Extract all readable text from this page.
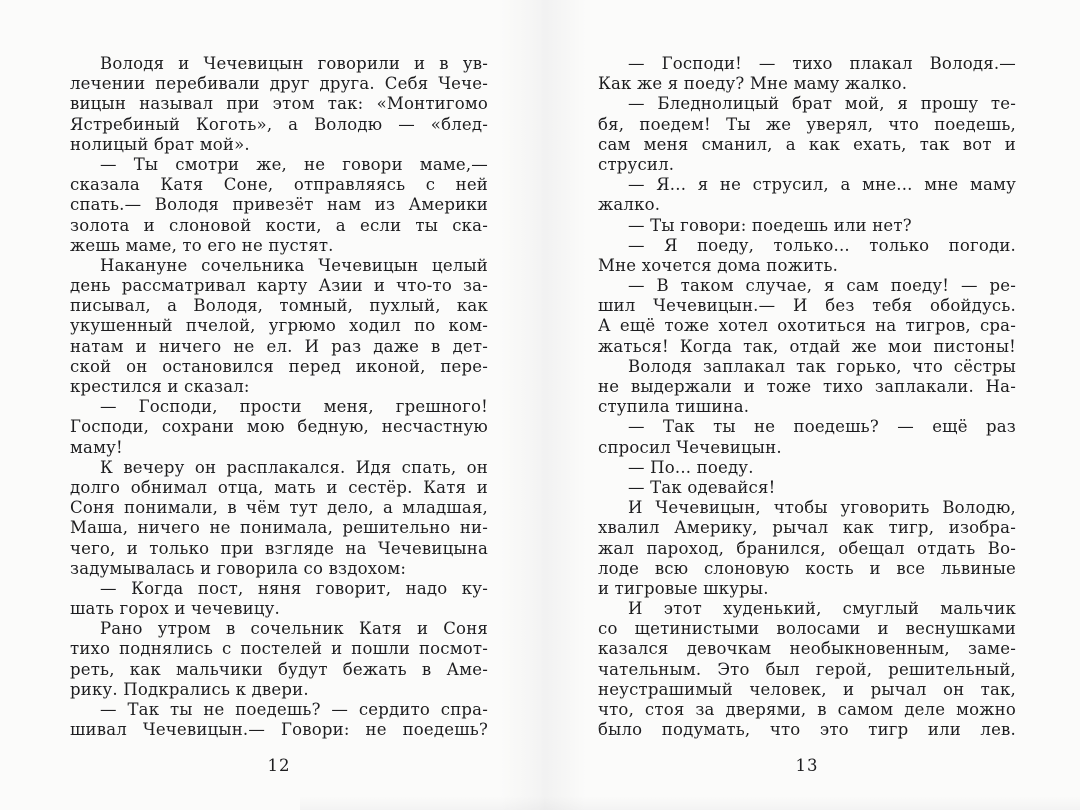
Володя и Чечевицын говорили и в ув-
лечении перебивали друг друга. Себя Чече-
вицын называл при этом так: «Монтигомо
Ястребиный Коготь», а Володю — «блед-
нолицый брат мой».
— Ты смотри же, не говори маме,—
сказала Катя Соне, отправляясь с ней
спать.— Володя привезёт нам из Америки
золота и слоновой кости, а если ты ска-
жешь маме, то его не пустят.
Накануне сочельника Чечевицын целый
день рассматривал карту Азии и что-то за-
писывал, а Володя, томный, пухлый, как
укушенный пчелой, угрюмо ходил по ком-
натам и ничего не ел. И раз даже в дет-
ской он остановился перед иконой, пере-
крестился и сказал:
— Господи, прости меня, грешного!
Господи, сохрани мою бедную, несчастную
маму!
К вечеру он расплакался. Идя спать, он
долго обнимал отца, мать и сестёр. Катя и
Соня понимали, в чём тут дело, а младшая,
Маша, ничего не понимала, решительно ни-
чего, и только при взгляде на Чечевицына
задумывалась и говорила со вздохом:
— Когда пост, няня говорит, надо ку-
шать горох и чечевицу.
Рано утром в сочельник Катя и Соня
тихо поднялись с постелей и пошли посмот-
реть, как мальчики будут бежать в Аме-
рику. Подкрались к двери.
— Так ты не поедешь? — сердито спра-
шивал Чечевицын.— Говори: не поедешь?
12
— Господи! — тихо плакал Володя.—
Как же я поеду? Мне маму жалко.
— Бледнолицый брат мой, я прошу те-
бя, поедем! Ты же уверял, что поедешь,
сам меня сманил, а как ехать, так вот и
струсил.
— Я... я не струсил, а мне... мне маму
жалко.
— Ты говори: поедешь или нет?
— Я поеду, только... только погоди.
Мне хочется дома пожить.
— В таком случае, я сам поеду! — ре-
шил Чечевицын.— И без тебя обойдусь.
А ещё тоже хотел охотиться на тигров, сра-
жаться! Когда так, отдай же мои пистоны!
Володя заплакал так горько, что сёстры
не выдержали и тоже тихо заплакали. На-
ступила тишина.
— Так ты не поедешь? — ещё раз
спросил Чечевицын.
— По... поеду.
— Так одевайся!
И Чечевицын, чтобы уговорить Володю,
хвалил Америку, рычал как тигр, изобра-
жал пароход, бранился, обещал отдать Во-
лоде всю слоновую кость и все львиные
и тигровые шкуры.
И этот худенький, смуглый мальчик
со щетинистыми волосами и веснушками
казался девочкам необыкновенным, заме-
чательным. Это был герой, решительный,
неустрашимый человек, и рычал он так,
что, стоя за дверями, в самом деле можно
было подумать, что это тигр или лев.
13
